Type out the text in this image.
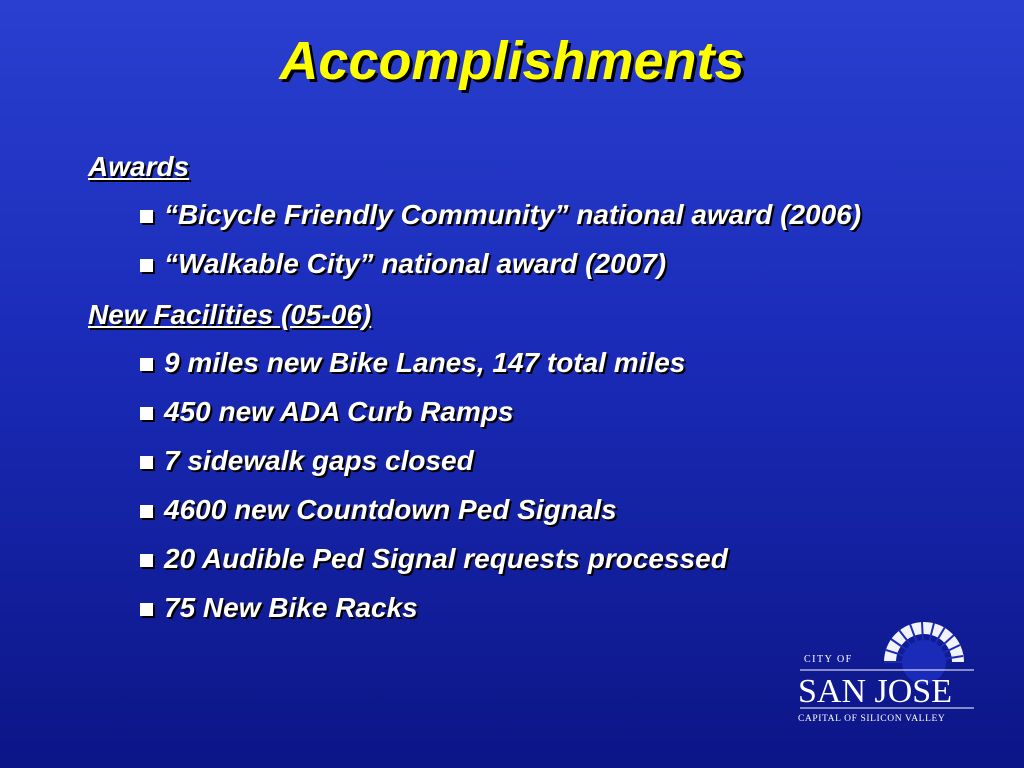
Accomplishments
Awards
“Bicycle Friendly Community” national award (2006)
“Walkable City” national award (2007)
New Facilities (05-06)
9 miles new Bike Lanes, 147 total miles
450 new ADA Curb Ramps
7 sidewalk gaps closed
4600 new Countdown Ped Signals
20 Audible Ped Signal requests processed
75 New Bike Racks
CITY OF
SAN JOSE
CAPITAL OF SILICON VALLEY
